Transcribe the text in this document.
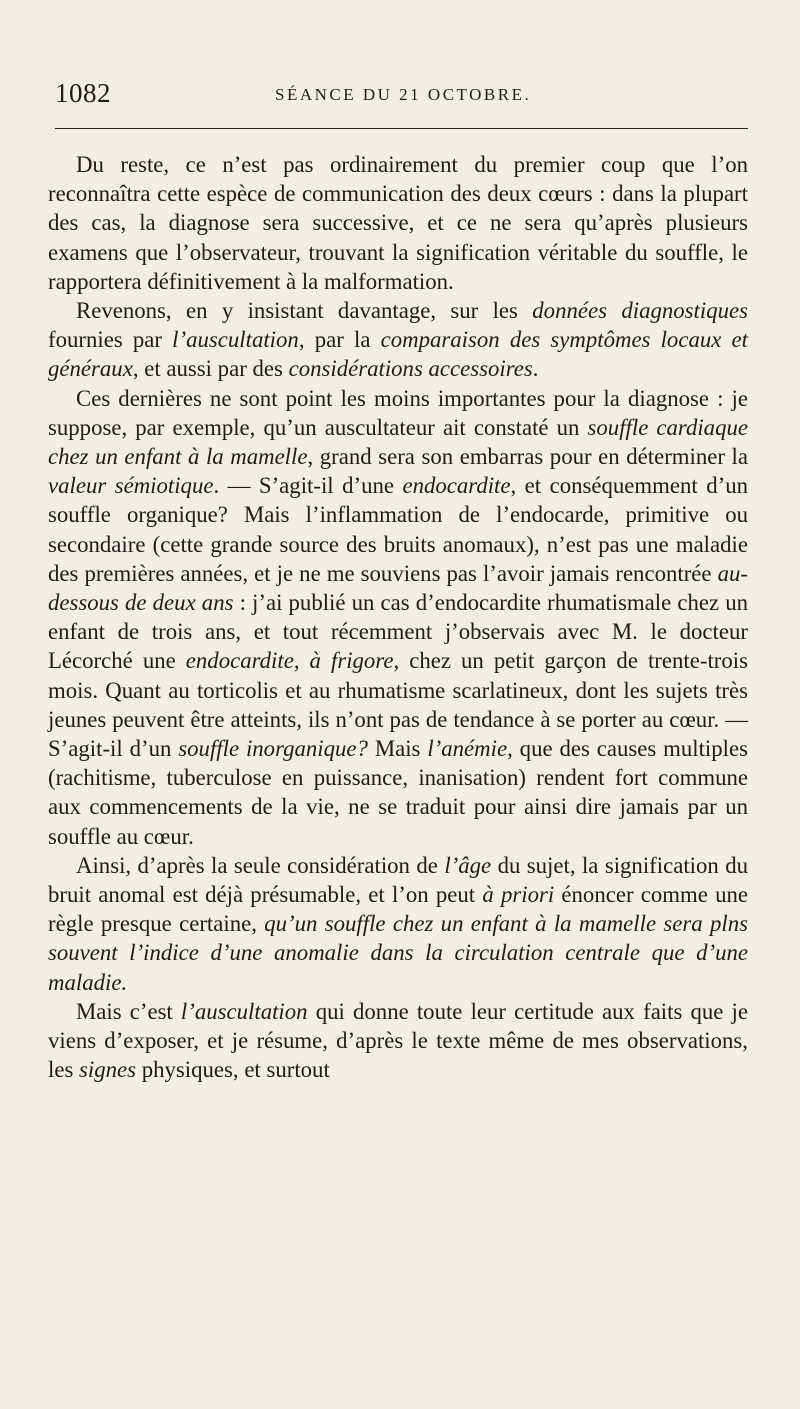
1082	SÉANCE DU 21 OCTOBRE.

Du reste, ce n’est pas ordinairement du premier coup que l’on reconnaîtra cette espèce de communication des deux cœurs : dans la plupart des cas, la diagnose sera successive, et ce ne sera qu’après plusieurs examens que l’observateur, trouvant la signification véritable du souffle, le rapportera définitivement à la malformation.

Revenons, en y insistant davantage, sur les données diagnostiques fournies par l’auscultation, par la comparaison des symptômes locaux et généraux, et aussi par des considérations accessoires.

Ces dernières ne sont point les moins importantes pour la diagnose : je suppose, par exemple, qu’un auscultateur ait constaté un souffle cardiaque chez un enfant à la mamelle, grand sera son embarras pour en déterminer la valeur sémiotique. — S’agit-il d’une endocardite, et conséquemment d’un souffle organique? Mais l’inflammation de l’endocarde, primitive ou secondaire (cette grande source des bruits anomaux), n’est pas une maladie des premières années, et je ne me souviens pas l’avoir jamais rencontrée au-dessous de deux ans : j’ai publié un cas d’endocardite rhumatismale chez un enfant de trois ans, et tout récemment j’observais avec M. le docteur Lécorché une endocardite, à frigore, chez un petit garçon de trente-trois mois. Quant au torticolis et au rhumatisme scarlatineux, dont les sujets très jeunes peuvent être atteints, ils n’ont pas de tendance à se porter au cœur. — S’agit-il d’un souffle inorganique? Mais l’anémie, que des causes multiples (rachitisme, tuberculose en puissance, inanisation) rendent fort commune aux commencements de la vie, ne se traduit pour ainsi dire jamais par un souffle au cœur.

Ainsi, d’après la seule considération de l’âge du sujet, la signification du bruit anomal est déjà présumable, et l’on peut à priori énoncer comme une règle presque certaine, qu’un souffle chez un enfant à la mamelle sera plns souvent l’indice d’une anomalie dans la circulation centrale que d’une maladie.

Mais c’est l’auscultation qui donne toute leur certitude aux faits que je viens d’exposer, et je résume, d’après le texte même de mes observations, les signes physiques, et surtout
